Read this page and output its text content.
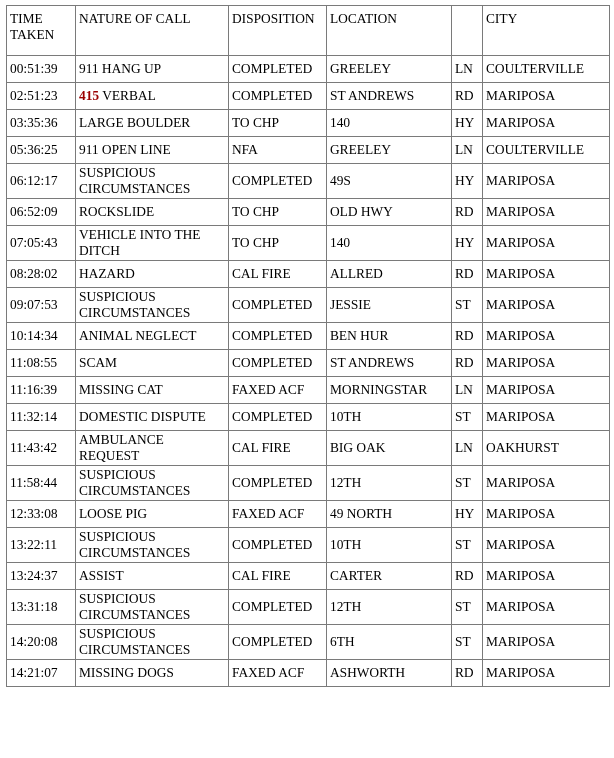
TIME TAKEN	NATURE OF CALL	DISPOSITION	LOCATION		CITY
00:51:39	911 HANG UP	COMPLETED	GREELEY	LN	COULTERVILLE
02:51:23	415 VERBAL	COMPLETED	ST ANDREWS	RD	MARIPOSA
03:35:36	LARGE BOULDER	TO CHP	140	HY	MARIPOSA
05:36:25	911 OPEN LINE	NFA	GREELEY	LN	COULTERVILLE
06:12:17	SUSPICIOUS CIRCUMSTANCES	COMPLETED	49S	HY	MARIPOSA
06:52:09	ROCKSLIDE	TO CHP	OLD HWY	RD	MARIPOSA
07:05:43	VEHICLE INTO THE DITCH	TO CHP	140	HY	MARIPOSA
08:28:02	HAZARD	CAL FIRE	ALLRED	RD	MARIPOSA
09:07:53	SUSPICIOUS CIRCUMSTANCES	COMPLETED	JESSIE	ST	MARIPOSA
10:14:34	ANIMAL NEGLECT	COMPLETED	BEN HUR	RD	MARIPOSA
11:08:55	SCAM	COMPLETED	ST ANDREWS	RD	MARIPOSA
11:16:39	MISSING CAT	FAXED ACF	MORNINGSTAR	LN	MARIPOSA
11:32:14	DOMESTIC DISPUTE	COMPLETED	10TH	ST	MARIPOSA
11:43:42	AMBULANCE REQUEST	CAL FIRE	BIG OAK	LN	OAKHURST
11:58:44	SUSPICIOUS CIRCUMSTANCES	COMPLETED	12TH	ST	MARIPOSA
12:33:08	LOOSE PIG	FAXED ACF	49 NORTH	HY	MARIPOSA
13:22:11	SUSPICIOUS CIRCUMSTANCES	COMPLETED	10TH	ST	MARIPOSA
13:24:37	ASSIST	CAL FIRE	CARTER	RD	MARIPOSA
13:31:18	SUSPICIOUS CIRCUMSTANCES	COMPLETED	12TH	ST	MARIPOSA
14:20:08	SUSPICIOUS CIRCUMSTANCES	COMPLETED	6TH	ST	MARIPOSA
14:21:07	MISSING DOGS	FAXED ACF	ASHWORTH	RD	MARIPOSA
